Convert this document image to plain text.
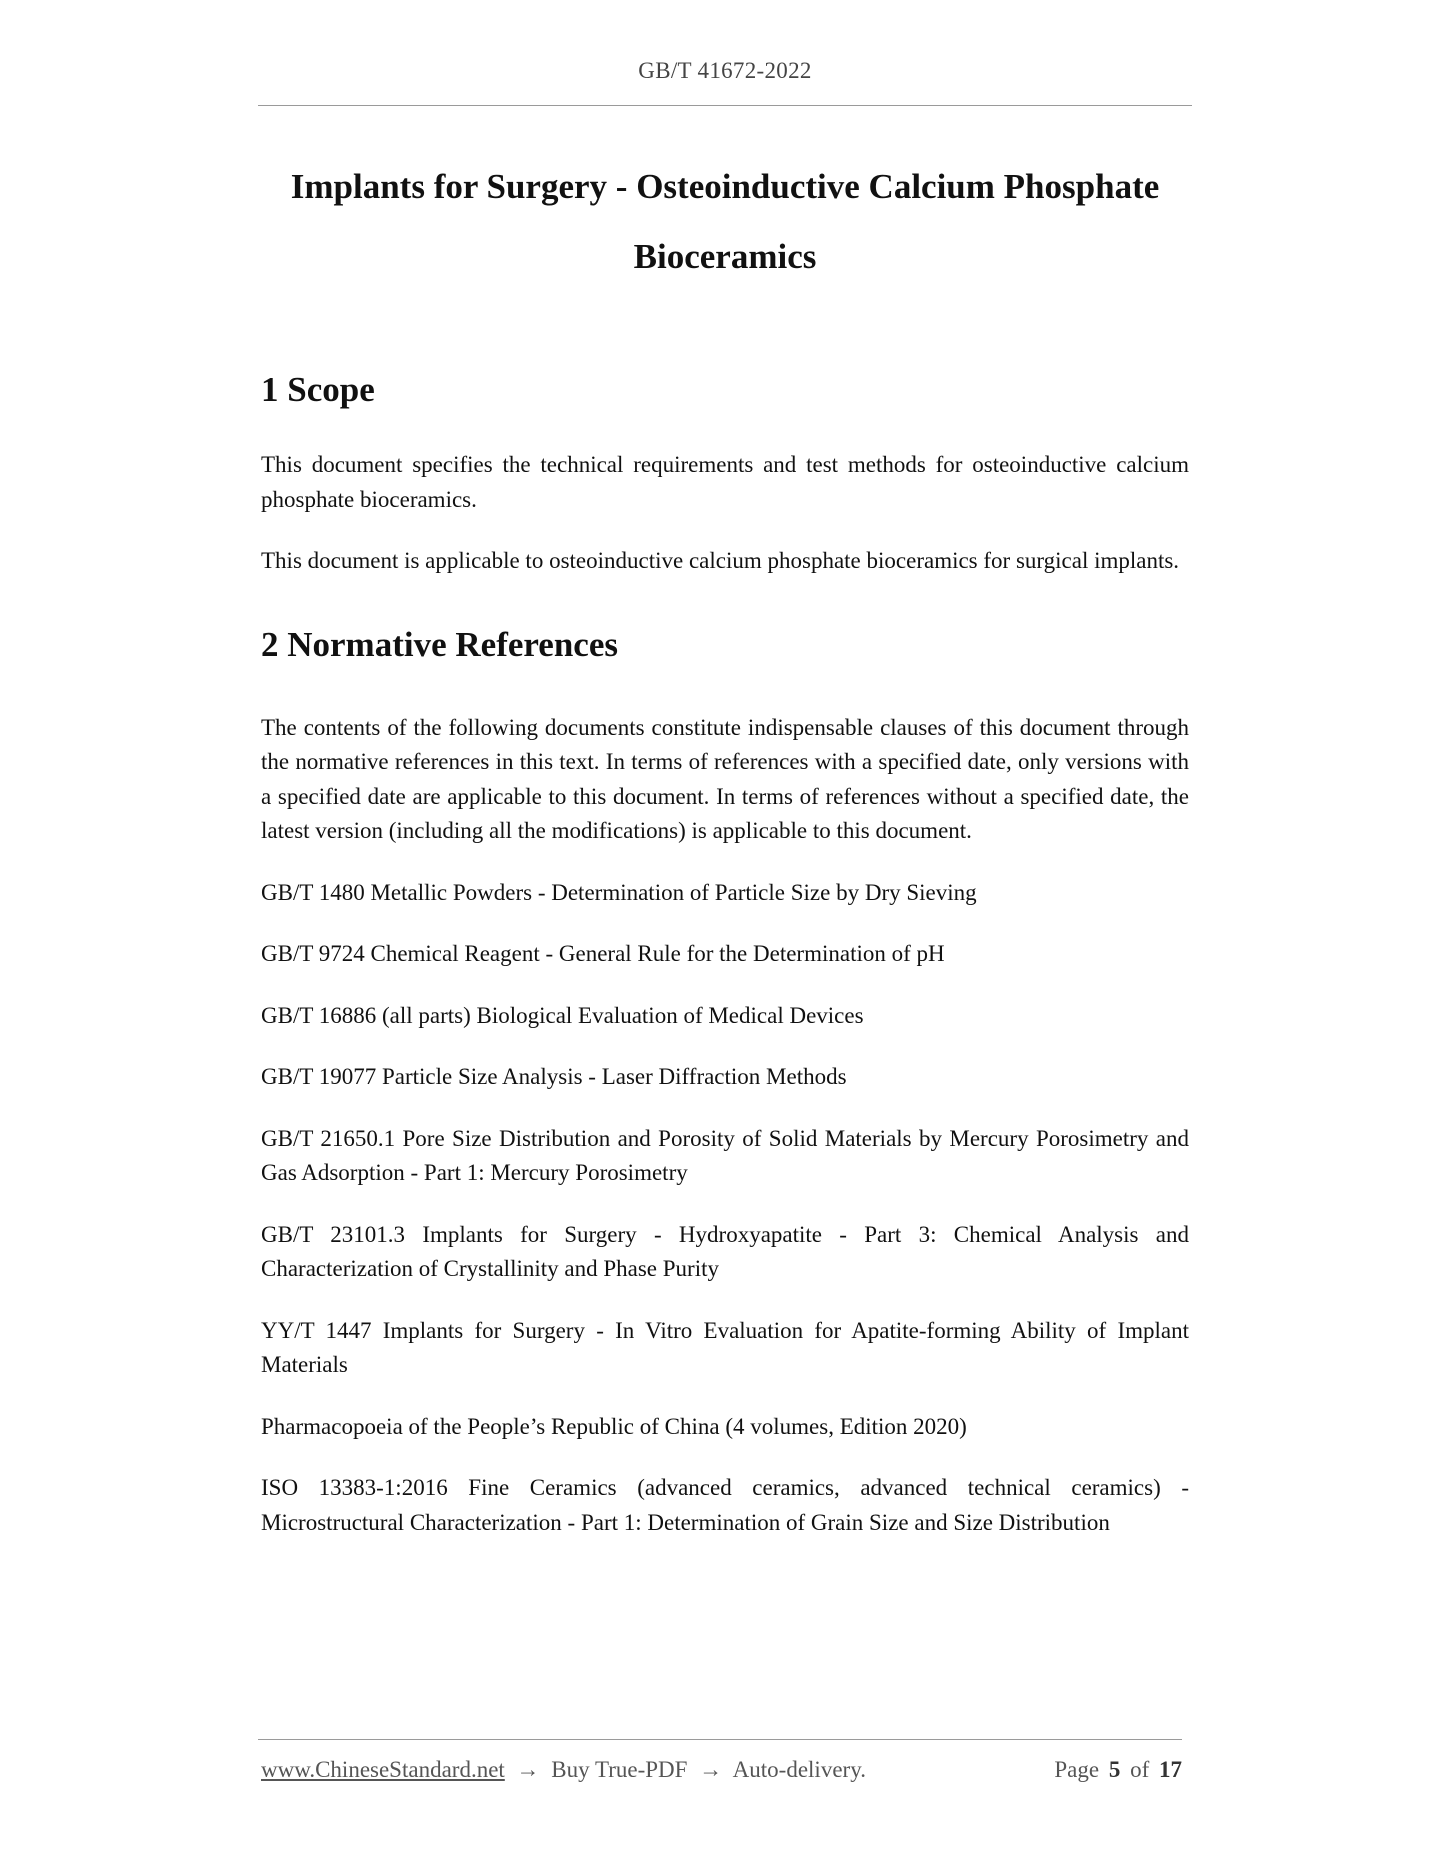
GB/T 41672-2022
Implants for Surgery - Osteoinductive Calcium Phosphate
Bioceramics
1 Scope

This document specifies the technical requirements and test methods for osteoinductive calcium phosphate bioceramics.

This document is applicable to osteoinductive calcium phosphate bioceramics for surgical implants.

2 Normative References

The contents of the following documents constitute indispensable clauses of this document through the normative references in this text. In terms of references with a specified date, only versions with a specified date are applicable to this document. In terms of references without a specified date, the latest version (including all the modifications) is applicable to this document.

GB/T 1480 Metallic Powders - Determination of Particle Size by Dry Sieving
GB/T 9724 Chemical Reagent - General Rule for the Determination of pH
GB/T 16886 (all parts) Biological Evaluation of Medical Devices
GB/T 19077 Particle Size Analysis - Laser Diffraction Methods
GB/T 21650.1 Pore Size Distribution and Porosity of Solid Materials by Mercury Porosimetry and Gas Adsorption - Part 1: Mercury Porosimetry
GB/T 23101.3 Implants for Surgery - Hydroxyapatite - Part 3: Chemical Analysis and Characterization of Crystallinity and Phase Purity
YY/T 1447 Implants for Surgery - In Vitro Evaluation for Apatite-forming Ability of Implant Materials
Pharmacopoeia of the People’s Republic of China (4 volumes, Edition 2020)
ISO 13383-1:2016 Fine Ceramics (advanced ceramics, advanced technical ceramics) - Microstructural Characterization - Part 1: Determination of Grain Size and Size Distribution
www.ChineseStandard.net → Buy True-PDF → Auto-delivery.	Page 5 of 17
